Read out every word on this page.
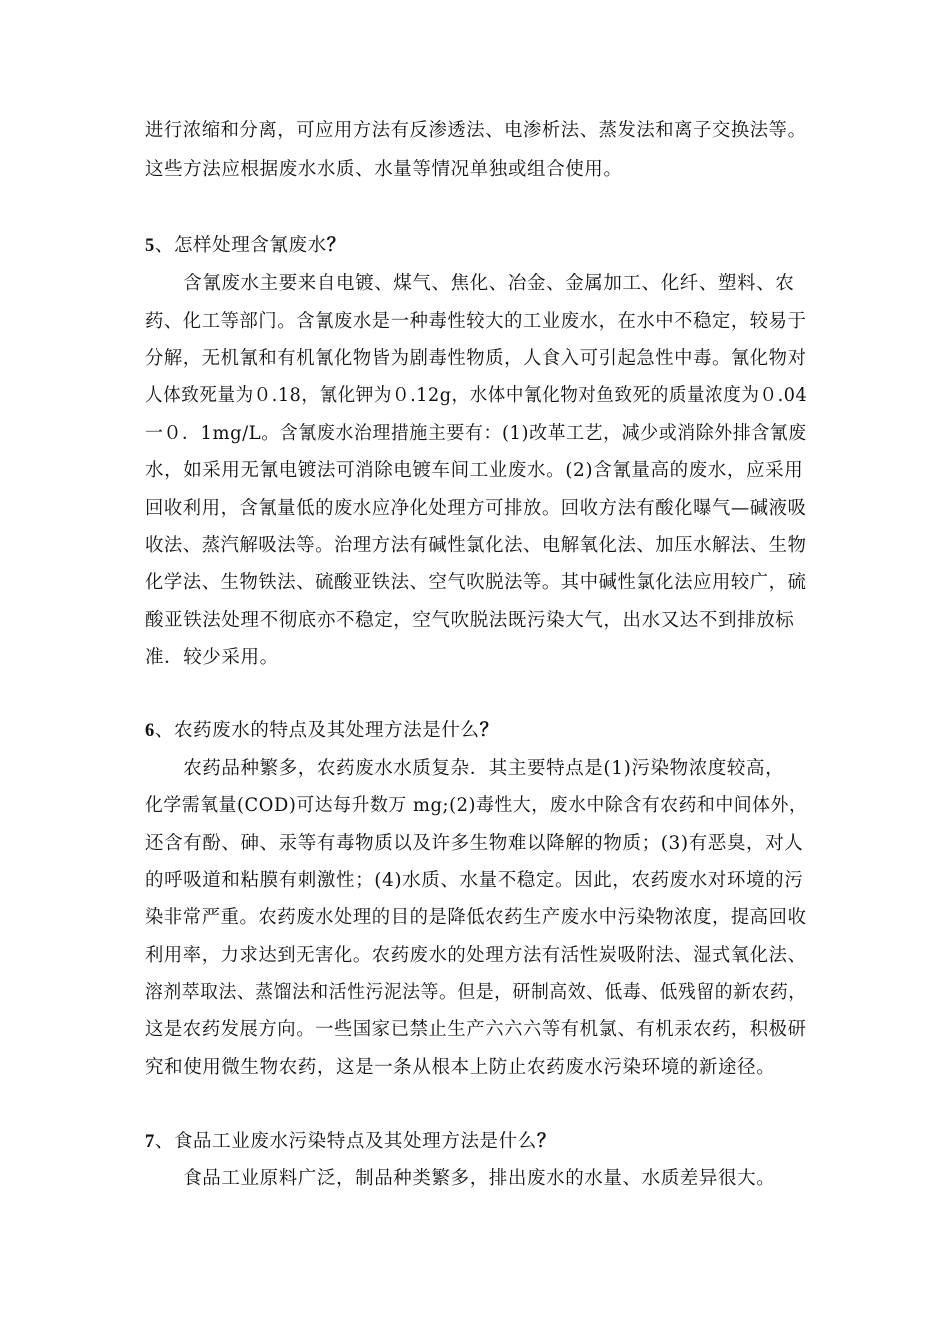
进行浓缩和分离，可应用方法有反渗透法、电渗析法、蒸发法和离子交换法等。
这些方法应根据废水水质、水量等情况单独或组合使用。
5、怎样处理含氰废水？
　　含氰废水主要来自电镀、煤气、焦化、冶金、金属加工、化纤、塑料、农
药、化工等部门。含氰废水是一种毒性较大的工业废水，在水中不稳定，较易于
分解，无机氰和有机氰化物皆为剧毒性物质，人食入可引起急性中毒。氰化物对
人体致死量为０.18，氰化钾为０.12g，水体中氰化物对鱼致死的质量浓度为０.04
一０．1mg/L。含氰废水治理措施主要有：(1)改革工艺，减少或消除外排含氰废
水，如采用无氰电镀法可消除电镀车间工业废水。(2)含氰量高的废水，应采用
回收利用，含氰量低的废水应净化处理方可排放。回收方法有酸化曝气—碱液吸
收法、蒸汽解吸法等。治理方法有碱性氯化法、电解氧化法、加压水解法、生物
化学法、生物铁法、硫酸亚铁法、空气吹脱法等。其中碱性氯化法应用较广，硫
酸亚铁法处理不彻底亦不稳定，空气吹脱法既污染大气，出水又达不到排放标
准．较少采用。
6、农药废水的特点及其处理方法是什么？
　　农药品种繁多，农药废水水质复杂．其主要特点是(1)污染物浓度较高，
化学需氧量(COD)可达每升数万 mg;(2)毒性大，废水中除含有农药和中间体外，
还含有酚、砷、汞等有毒物质以及许多生物难以降解的物质；(3)有恶臭，对人
的呼吸道和粘膜有刺激性；(4)水质、水量不稳定。因此，农药废水对环境的污
染非常严重。农药废水处理的目的是降低农药生产废水中污染物浓度，提高回收
利用率，力求达到无害化。农药废水的处理方法有活性炭吸附法、湿式氧化法、
溶剂萃取法、蒸馏法和活性污泥法等。但是，研制高效、低毒、低残留的新农药，
这是农药发展方向。一些国家已禁止生产六六六等有机氯、有机汞农药，积极研
究和使用微生物农药，这是一条从根本上防止农药废水污染环境的新途径。
7、食品工业废水污染特点及其处理方法是什么？
　　食品工业原料广泛，制品种类繁多，排出废水的水量、水质差异很大。
